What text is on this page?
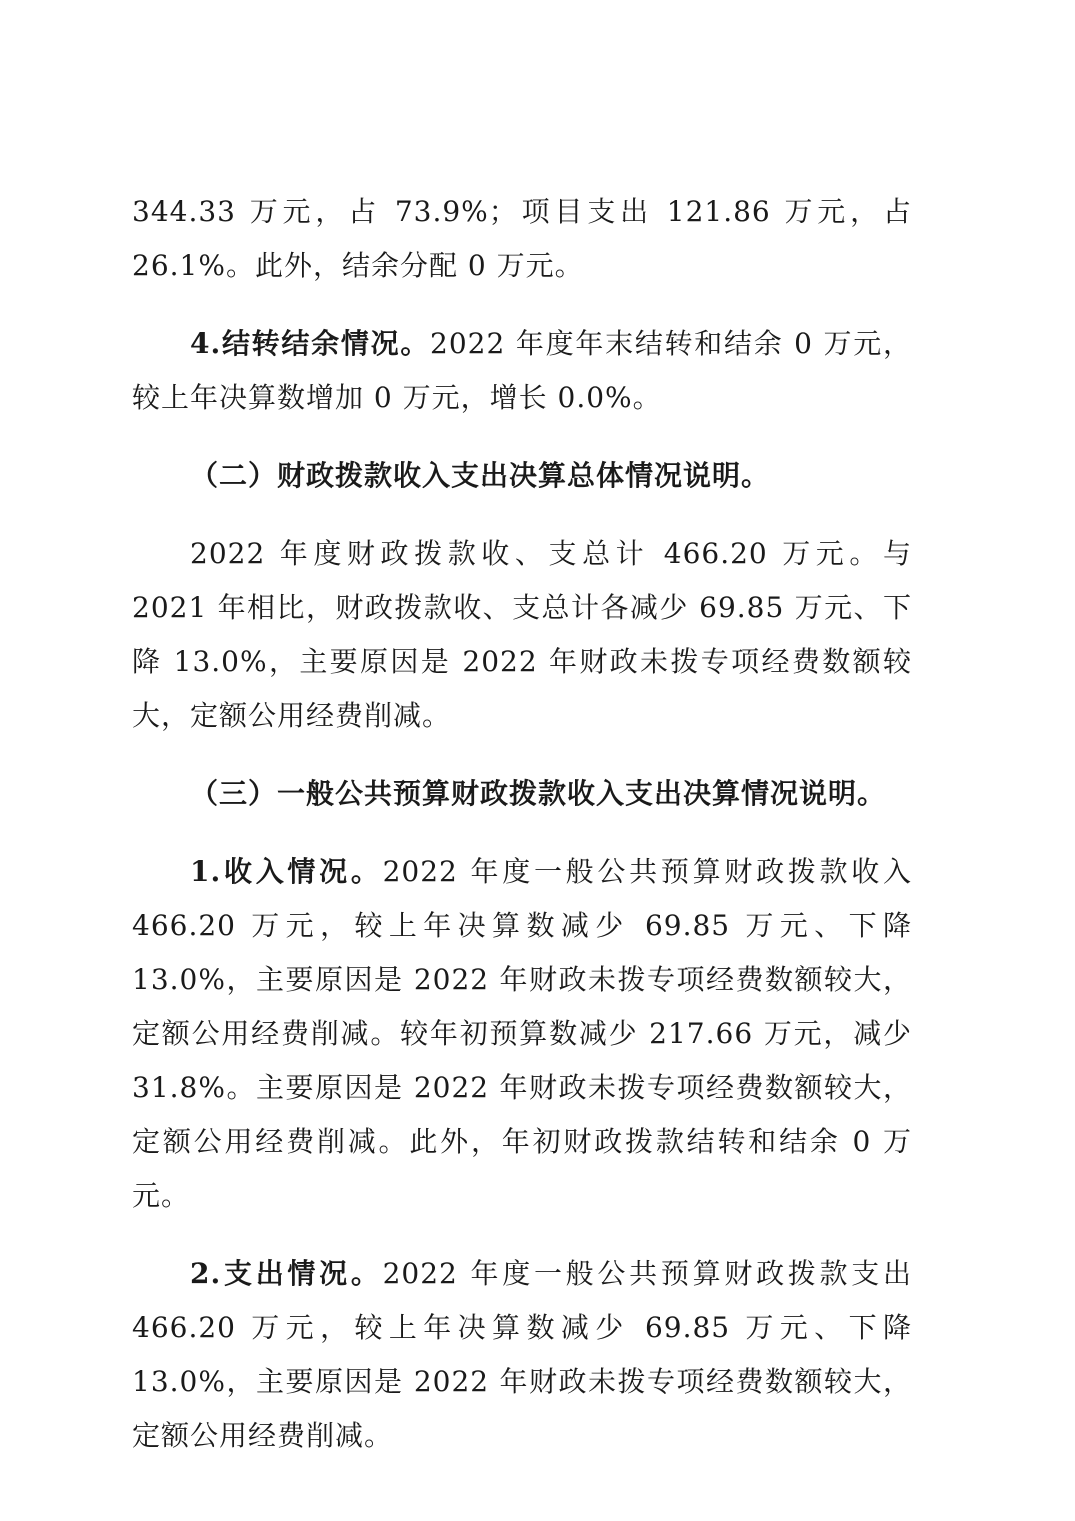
344.33 万元，占 73.9%；项目支出 121.86 万元，占 26.1%。此外，结余分配 0 万元。

4.结转结余情况。2022 年度年末结转和结余 0 万元，较上年决算数增加 0 万元，增长 0.0%。

（二）财政拨款收入支出决算总体情况说明。

2022 年度财政拨款收、支总计 466.20 万元。与 2021 年相比，财政拨款收、支总计各减少 69.85 万元、下降 13.0%，主要原因是 2022 年财政未拨专项经费数额较大，定额公用经费削减。

（三）一般公共预算财政拨款收入支出决算情况说明。

1.收入情况。2022 年度一般公共预算财政拨款收入 466.20 万元，较上年决算数减少 69.85 万元、下降 13.0%，主要原因是 2022 年财政未拨专项经费数额较大，定额公用经费削减。较年初预算数减少 217.66 万元，减少 31.8%。主要原因是 2022 年财政未拨专项经费数额较大，定额公用经费削减。此外，年初财政拨款结转和结余 0 万元。

2.支出情况。2022 年度一般公共预算财政拨款支出 466.20 万元，较上年决算数减少 69.85 万元、下降 13.0%，主要原因是 2022 年财政未拨专项经费数额较大，定额公用经费削减。
